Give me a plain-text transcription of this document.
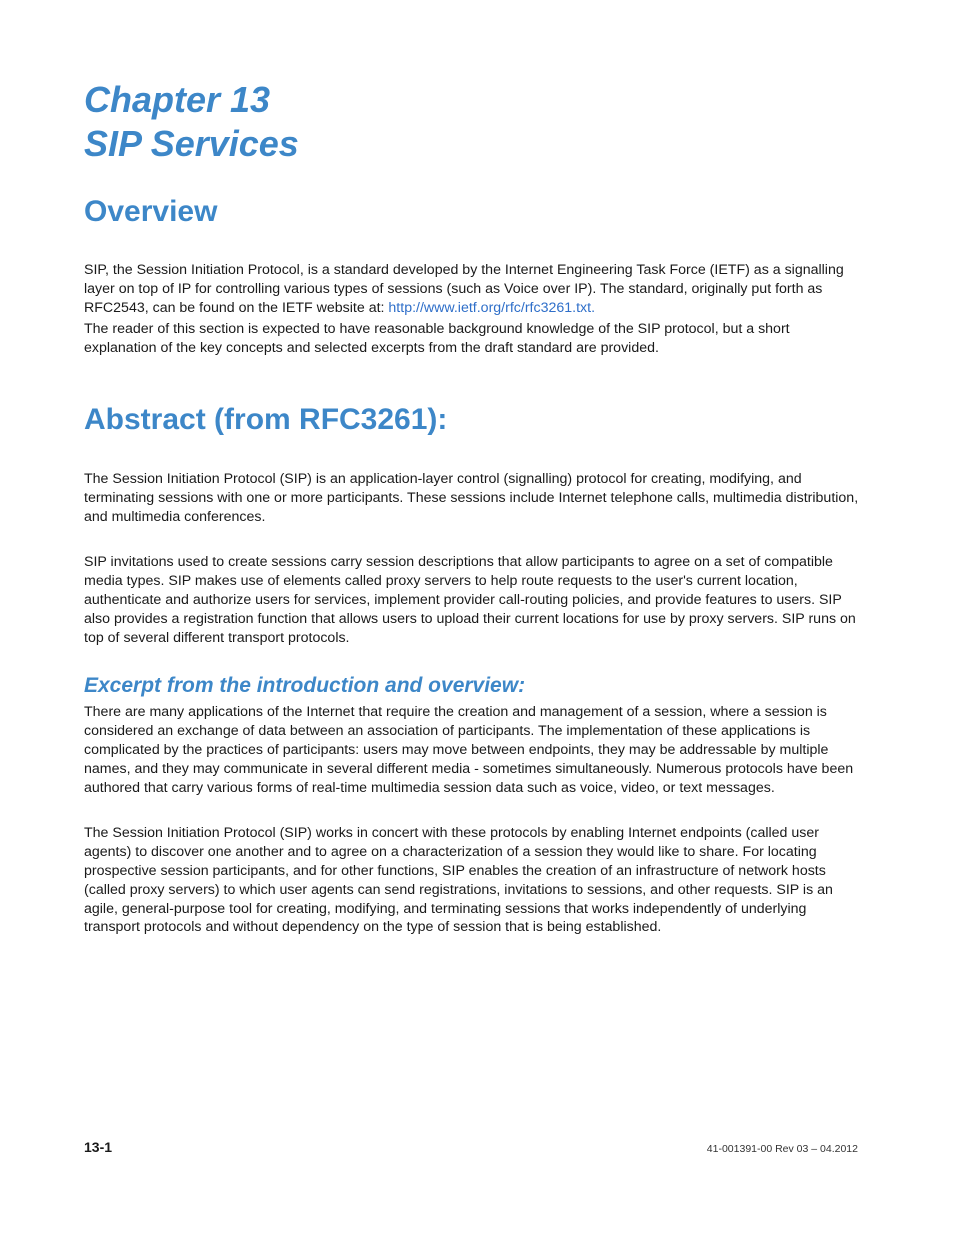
Chapter 13
SIP Services
Overview

SIP, the Session Initiation Protocol, is a standard developed by the Internet Engineering Task Force (IETF) as a signalling layer on top of IP for controlling various types of sessions (such as Voice over IP). The standard, originally put forth as RFC2543, can be found on the IETF website at: http://www.ietf.org/rfc/rfc3261.txt.

The reader of this section is expected to have reasonable background knowledge of the SIP protocol, but a short explanation of the key concepts and selected excerpts from the draft standard are provided.

Abstract (from RFC3261):

The Session Initiation Protocol (SIP) is an application-layer control (signalling) protocol for creating, modifying, and terminating sessions with one or more participants. These sessions include Internet telephone calls, multimedia distribution, and multimedia conferences.

SIP invitations used to create sessions carry session descriptions that allow participants to agree on a set of compatible media types. SIP makes use of elements called proxy servers to help route requests to the user's current location, authenticate and authorize users for services, implement provider call-routing policies, and provide features to users. SIP also provides a registration function that allows users to upload their current locations for use by proxy servers. SIP runs on top of several different transport protocols.

Excerpt from the introduction and overview:

There are many applications of the Internet that require the creation and management of a session, where a session is considered an exchange of data between an association of participants. The implementation of these applications is complicated by the practices of participants: users may move between endpoints, they may be addressable by multiple names, and they may communicate in several different media - sometimes simultaneously. Numerous protocols have been authored that carry various forms of real-time multimedia session data such as voice, video, or text messages.

The Session Initiation Protocol (SIP) works in concert with these protocols by enabling Internet endpoints (called user agents) to discover one another and to agree on a characterization of a session they would like to share. For locating prospective session participants, and for other functions, SIP enables the creation of an infrastructure of network hosts (called proxy servers) to which user agents can send registrations, invitations to sessions, and other requests. SIP is an agile, general-purpose tool for creating, modifying, and terminating sessions that works independently of underlying transport protocols and without dependency on the type of session that is being established.

13-1	41-001391-00 Rev 03 – 04.2012
